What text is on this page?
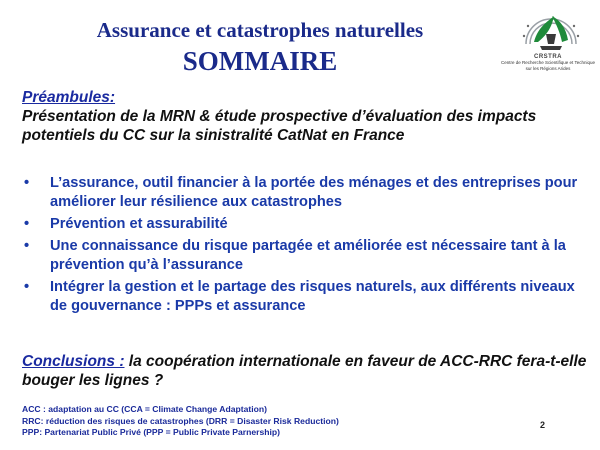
Assurance et catastrophes naturelles
SOMMAIRE	CRSTRA
Centre de Recherche Scientifique et Technique sur les Régions Arides
Préambules:
Présentation de la MRN & étude prospective d’évaluation des impacts potentiels du CC sur la sinistralité CatNat en France
• L’assurance, outil financier à la portée des ménages et des entreprises pour améliorer leur résilience aux catastrophes
• Prévention et assurabilité
• Une connaissance du risque partagée et améliorée est nécessaire tant à la prévention qu’à l’assurance
• Intégrer la gestion et le partage des risques naturels, aux différents niveaux de gouvernance : PPPs et assurance
Conclusions : la coopération internationale en faveur de ACC-RRC fera-t-elle bouger les lignes ?
ACC : adaptation au CC (CCA = Climate Change Adaptation)
RRC: réduction des risques de catastrophes (DRR = Disaster Risk Reduction)
PPP: Partenariat Public Privé (PPP = Public Private Parnership)
2
